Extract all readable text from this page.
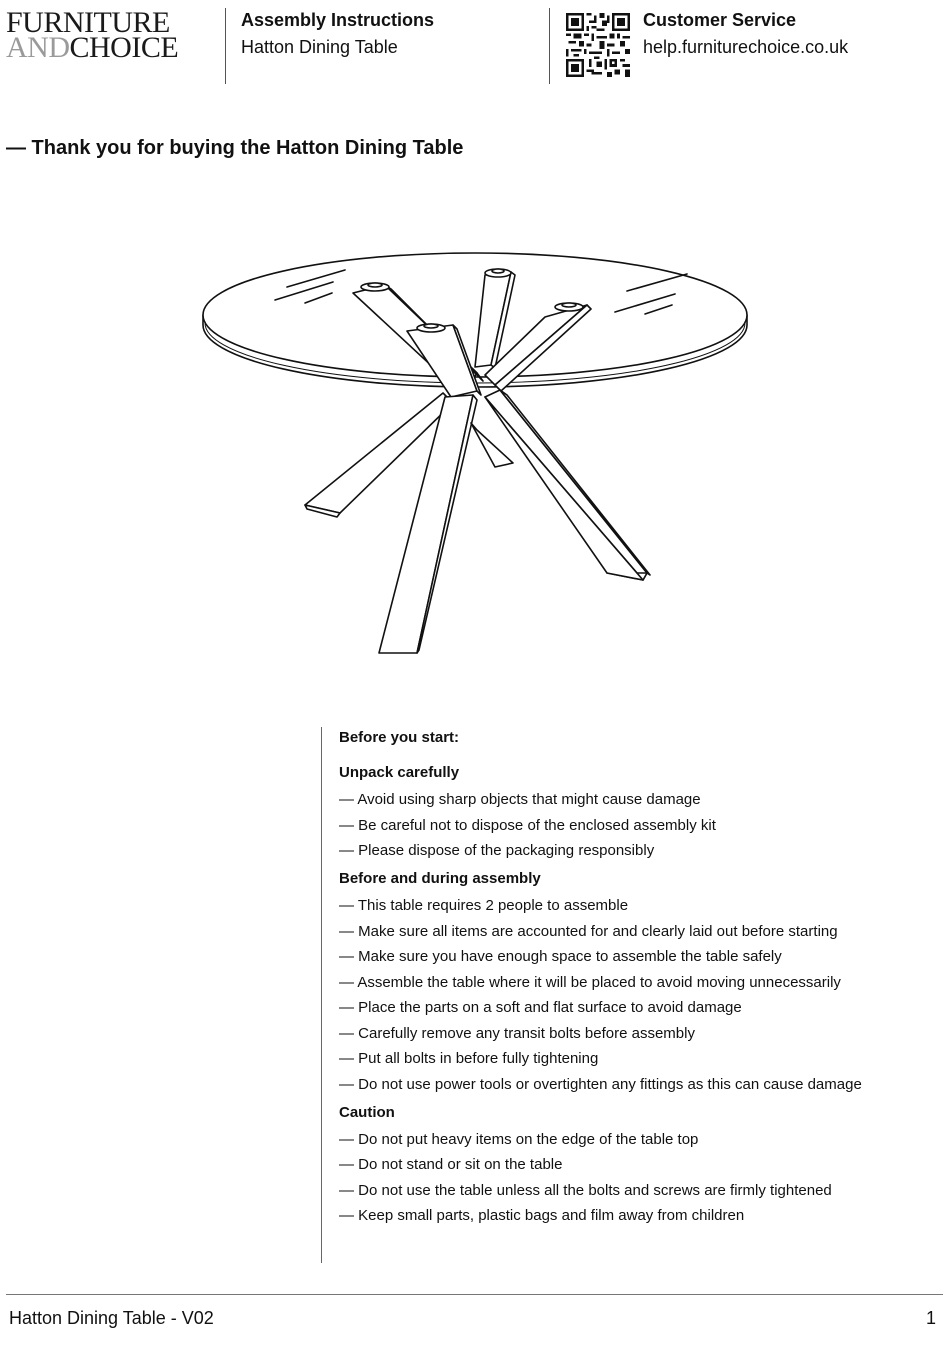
FURNITURE
ANDCHOICE
Assembly Instructions
Hatton Dining Table
Customer Service
help.furniturechoice.co.uk
— Thank you for buying the Hatton Dining Table
Before you start:
Unpack carefully
— Avoid using sharp objects that might cause damage
— Be careful not to dispose of the enclosed assembly kit
— Please dispose of the packaging responsibly
Before and during assembly
— This table requires 2 people to assemble
— Make sure all items are accounted for and clearly laid out before starting
— Make sure you have enough space to assemble the table safely
— Assemble the table where it will be placed to avoid moving unnecessarily
— Place the parts on a soft and flat surface to avoid damage
— Carefully remove any transit bolts before assembly
— Put all bolts in before fully tightening
— Do not use power tools or overtighten any fittings as this can cause damage
Caution
— Do not put heavy items on the edge of the table top
— Do not stand or sit on the table
— Do not use the table unless all the bolts and screws are firmly tightened
— Keep small parts, plastic bags and film away from children
Hatton Dining Table - V02	1
